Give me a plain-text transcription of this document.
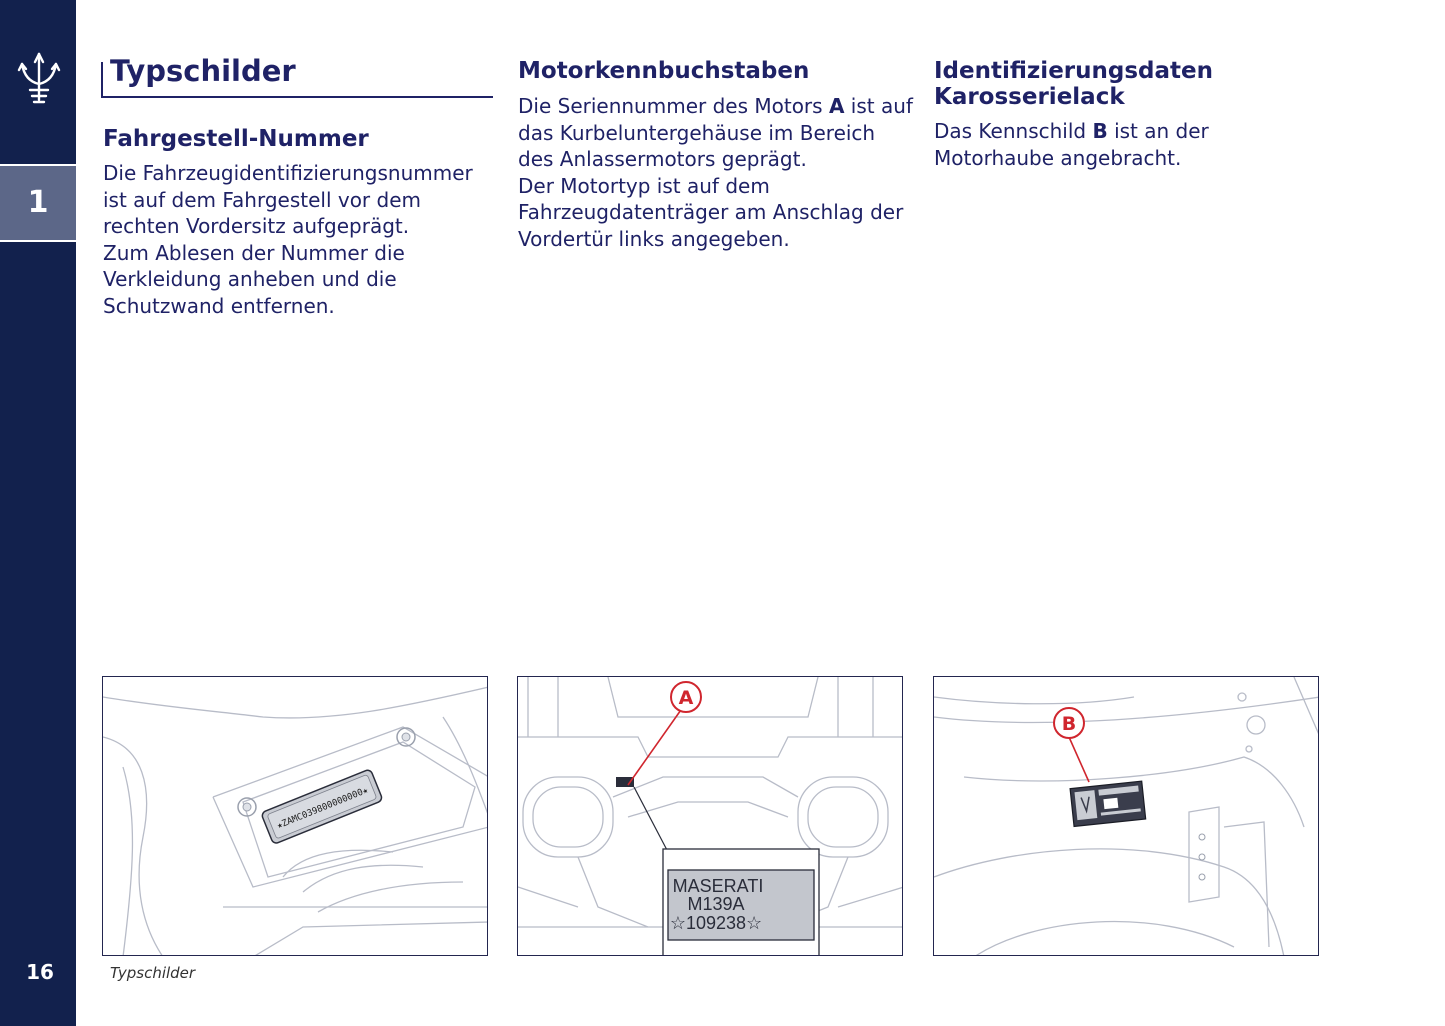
1
16
Typschilder
Fahrgestell-Nummer

Die Fahrzeugidentifizierungsnummer

ist auf dem Fahrgestell vor dem

rechten Vordersitz aufgeprägt.

Zum Ablesen der Nummer die

Verkleidung anheben und die

Schutzwand entfernen.

Motorkennbuchstaben

Die Seriennummer des Motors A ist auf

das Kurbeluntergehäuse im Bereich

des Anlassermotors geprägt.

Der Motortyp ist auf dem

Fahrzeugdatenträger am Anschlag der

Vordertür links angegeben.

Identifizierungsdaten
Karosserielack

Das Kennschild B ist an der

Motorhaube angebracht.

★ZAMC039800000000★
A
MASERATI
M139A
☆109238☆
B
Typschilder
